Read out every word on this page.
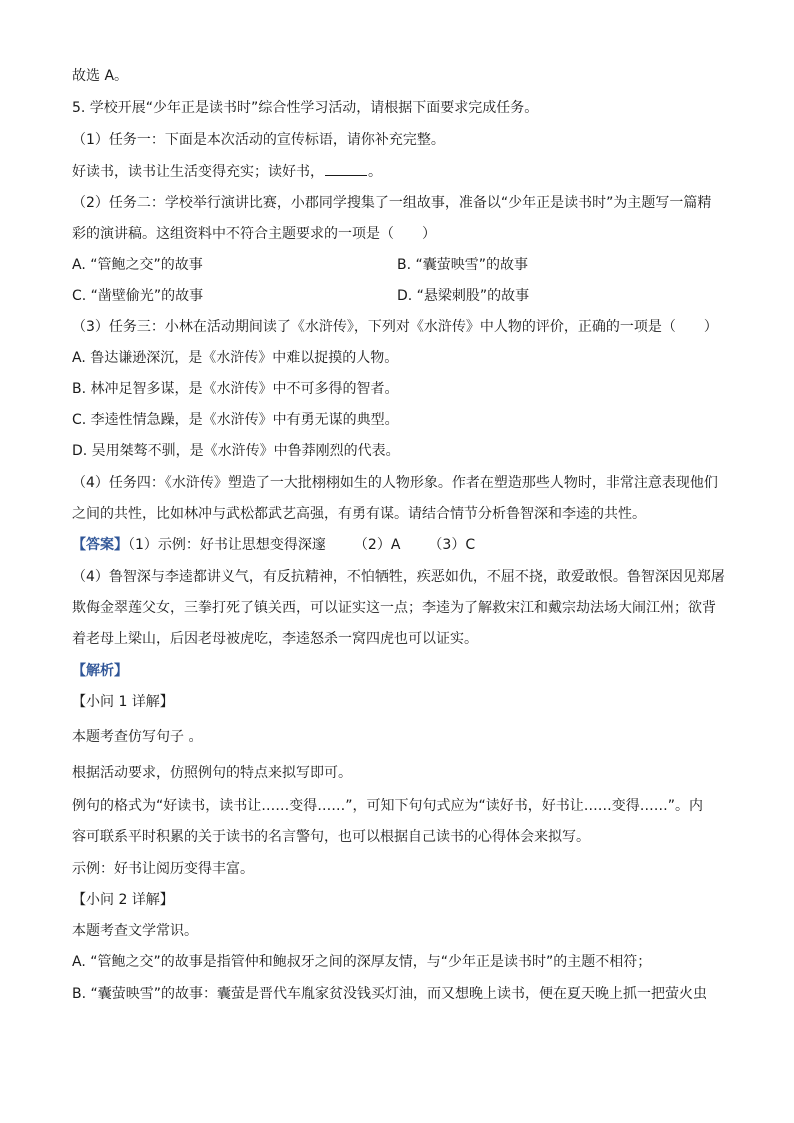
故选 A。
5. 学校开展“少年正是读书时”综合性学习活动，请根据下面要求完成任务。
（1）任务一：下面是本次活动的宣传标语，请你补充完整。
好读书，读书让生活变得充实；读好书，	。
（2）任务二：学校举行演讲比赛，小郡同学搜集了一组故事，准备以“少年正是读书时”为主题写一篇精
彩的演讲稿。这组资料中不符合主题要求的一项是（　　）
A. “管鲍之交”的故事	B. “囊萤映雪”的故事
C. “凿壁偷光”的故事	D. “悬梁刺股”的故事
（3）任务三：小林在活动期间读了《水浒传》，下列对《水浒传》中人物的评价，正确的一项是（　　）
A. 鲁达谦逊深沉，是《水浒传》中难以捉摸的人物。
B. 林冲足智多谋，是《水浒传》中不可多得的智者。
C. 李逵性情急躁，是《水浒传》中有勇无谋的典型。
D. 吴用桀骜不驯，是《水浒传》中鲁莽刚烈的代表。
（4）任务四：《水浒传》塑造了一大批栩栩如生的人物形象。作者在塑造那些人物时，非常注意表现他们
之间的共性，比如林冲与武松都武艺高强，有勇有谋。请结合情节分析鲁智深和李逵的共性。
【答案】（1）示例：好书让思想变得深邃 （2）A （3）C
（4）鲁智深与李逵都讲义气，有反抗精神，不怕牺牲，疾恶如仇，不屈不挠，敢爱敢恨。鲁智深因见郑屠
欺侮金翠莲父女，三拳打死了镇关西，可以证实这一点；李逵为了解救宋江和戴宗劫法场大闹江州；欲背
着老母上梁山，后因老母被虎吃，李逵怒杀一窝四虎也可以证实。
【解析】
【小问 1 详解】
本题考查仿写句子 。
根据活动要求，仿照例句的特点来拟写即可。
例句的格式为“好读书，读书让……变得……”，可知下句句式应为“读好书，好书让……变得……”。内
容可联系平时积累的关于读书的名言警句，也可以根据自己读书的心得体会来拟写。
示例：好书让阅历变得丰富。
【小问 2 详解】
本题考查文学常识。
A. “管鲍之交”的故事是指管仲和鲍叔牙之间的深厚友情，与“少年正是读书时”的主题不相符；
B. “囊萤映雪”的故事：囊萤是晋代车胤家贫没钱买灯油，而又想晚上读书，便在夏天晚上抓一把萤火虫
